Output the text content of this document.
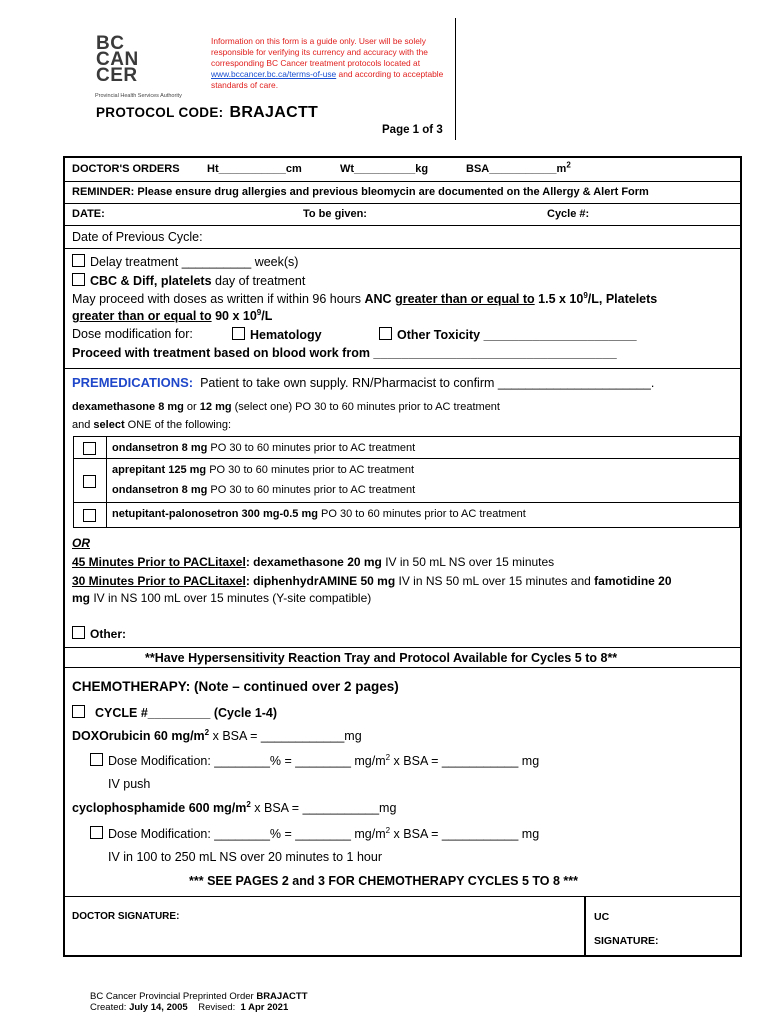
BC
CAN
CER
Provincial Health Services Authority
Information on this form is a guide only. User will be solely responsible for verifying its currency and accuracy with the corresponding BC Cancer treatment protocols located at www.bccancer.bc.ca/terms-of-use and according to acceptable standards of care.
PROTOCOL CODE: BRAJACTT
Page 1 of 3
DOCTOR'S ORDERS Ht___________cm	Wt__________kg	$BSA\_\_\_\_\_\_\_\_\_\_\_m^2$
REMINDER: Please ensure drug allergies and previous bleomycin are documented on the Allergy & Alert Form
DATE:	To be given:	Cycle #:
Date of Previous Cycle:
Delay treatment __________ week(s)
CBC & Diff, platelets day of treatment
May proceed with doses as written if within 96 hours ANC greater than or equal to 1.5 x $10^9/L$, Platelets
greater than or equal to 90 x $10^9/L$
Dose modification for:	Hematology	Other Toxicity ______________________
Proceed with treatment based on blood work from ___________________________________
PREMEDICATIONS: Patient to take own supply. RN/Pharmacist to confirm ______________________.
dexamethasone 8 mg or 12 mg (select one) PO 30 to 60 minutes prior to AC treatment
and select ONE of the following:
ondansetron 8 mg PO 30 to 60 minutes prior to AC treatment
aprepitant 125 mg PO 30 to 60 minutes prior to AC treatment
ondansetron 8 mg PO 30 to 60 minutes prior to AC treatment
netupitant-palonosetron 300 mg-0.5 mg PO 30 to 60 minutes prior to AC treatment
OR
45 Minutes Prior to PACLitaxel: dexamethasone 20 mg IV in 50 mL NS over 15 minutes
30 Minutes Prior to PACLitaxel: diphenhydrAMINE 50 mg IV in NS 50 mL over 15 minutes and famotidine 20
mg IV in NS 100 mL over 15 minutes (Y-site compatible)
Other:
**Have Hypersensitivity Reaction Tray and Protocol Available for Cycles 5 to 8**
CHEMOTHERAPY: (Note – continued over 2 pages)
CYCLE #_________ (Cycle 1-4)
DOXOrubicin 60 $mg/m^2$ x BSA = ____________mg
Dose Modification: ________% = ________ $mg/m^2$ x BSA = ___________ mg
IV push
cyclophosphamide 600 $mg/m^2$ x BSA = ___________mg
Dose Modification: ________% = ________ $mg/m^2$ x BSA = ___________ mg
IV in 100 to 250 mL NS over 20 minutes to 1 hour
*** SEE PAGES 2 and 3 FOR CHEMOTHERAPY CYCLES 5 TO 8 ***
DOCTOR SIGNATURE:	UC
SIGNATURE:
BC Cancer Provincial Preprinted Order BRAJACTT
Created: July 14, 2005 Revised:  1 Apr 2021
